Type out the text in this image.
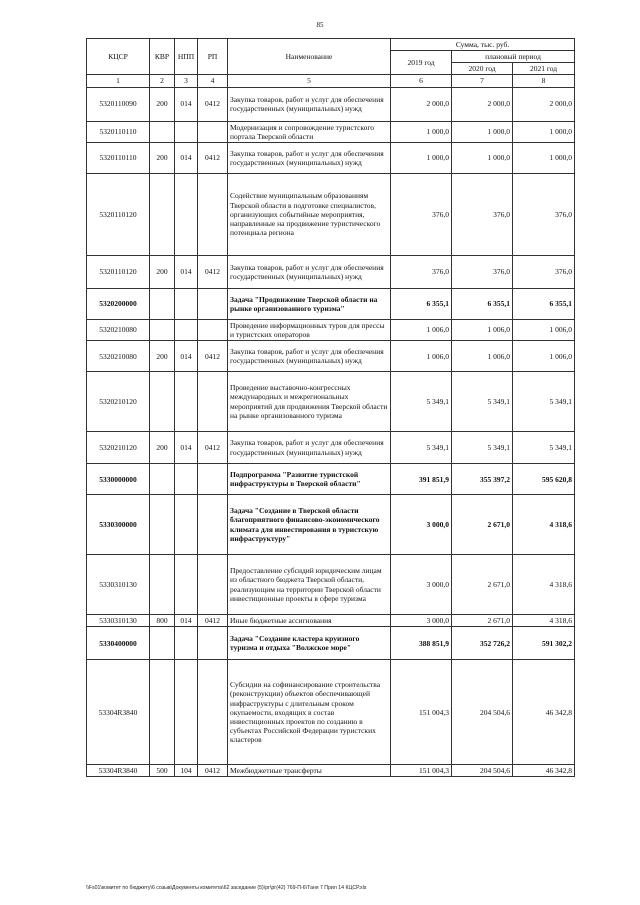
85
КЦСР	КВР	НПП	РП	Наименование	Сумма, тыс. руб.		
					2019 год	плановый период	
						2020 год	2021 год
1	2	3	4	5	6	7	8
5320110090	200	014	0412	Закупка товаров, работ и услуг для обеспечения государственных (муниципальных) нужд	2 000,0	2 000,0	2 000,0
5320110110				Модернизация и сопровождение туристского портала Тверской области	1 000,0	1 000,0	1 000,0
5320110110	200	014	0412	Закупка товаров, работ и услуг для обеспечения государственных (муниципальных) нужд	1 000,0	1 000,0	1 000,0
5320110120				Содействие муниципальным образованиям Тверской области в подготовке специалистов, организующих событийные мероприятия, направленные на продвижение туристического потенциала региона	376,0	376,0	376,0
5320110120	200	014	0412	Закупка товаров, работ и услуг для обеспечения государственных (муниципальных) нужд	376,0	376,0	376,0
5320200000				Задача "Продвижение Тверской области на рынке организованного туризма"	6 355,1	6 355,1	6 355,1
5320210080				Проведение информационных туров для прессы и туристских операторов	1 006,0	1 006,0	1 006,0
5320210080	200	014	0412	Закупка товаров, работ и услуг для обеспечения государственных (муниципальных) нужд	1 006,0	1 006,0	1 006,0
5320210120				Проведение выставочно-конгрессных международных и межрегиональных мероприятий для продвижения Тверской области на рынке организованного туризма	5 349,1	5 349,1	5 349,1
5320210120	200	014	0412	Закупка товаров, работ и услуг для обеспечения государственных (муниципальных) нужд	5 349,1	5 349,1	5 349,1
5330000000				Подпрограмма "Развитие туристской инфраструктуры в Тверской области"	391 851,9	355 397,2	595 620,8
5330300000				Задача "Создание в Тверской области благоприятного финансово-экономического климата для инвестирования в туристскую инфраструктуру"	3 000,0	2 671,0	4 318,6
5330310130				Предоставление субсидий юридическим лицам из областного бюджета Тверской области, реализующим на территории Тверской области инвестиционные проекты в сфере туризма	3 000,0	2 671,0	4 318,6
5330310130	800	014	0412	Иные бюджетные ассигнования	3 000,0	2 671,0	4 318,6
5330400000				Задача "Создание кластера круизного туризма и отдыха "Волжское море"	388 851,9	352 726,2	591 302,2
53304R3840				Субсидии на софинансирование строительства (реконструкции) объектов обеспечивающей инфраструктуры с длительным сроком окупаемости, входящих в состав инвестиционных проектов по созданию в субъектах Российской Федерации туристских кластеров	151 004,3	204 504,6	46 342,8
53304R3840	500	104	0412	Межбюджетные трансферты	151 004,3	204 504,6	46 342,8
\\Fs01\комитет по бюджету\6 созыв\Документы комитета\62 заседание (5)\рг\рг(42) 769-П-6\Таня 7 Прил 14 КЦСР.xls
